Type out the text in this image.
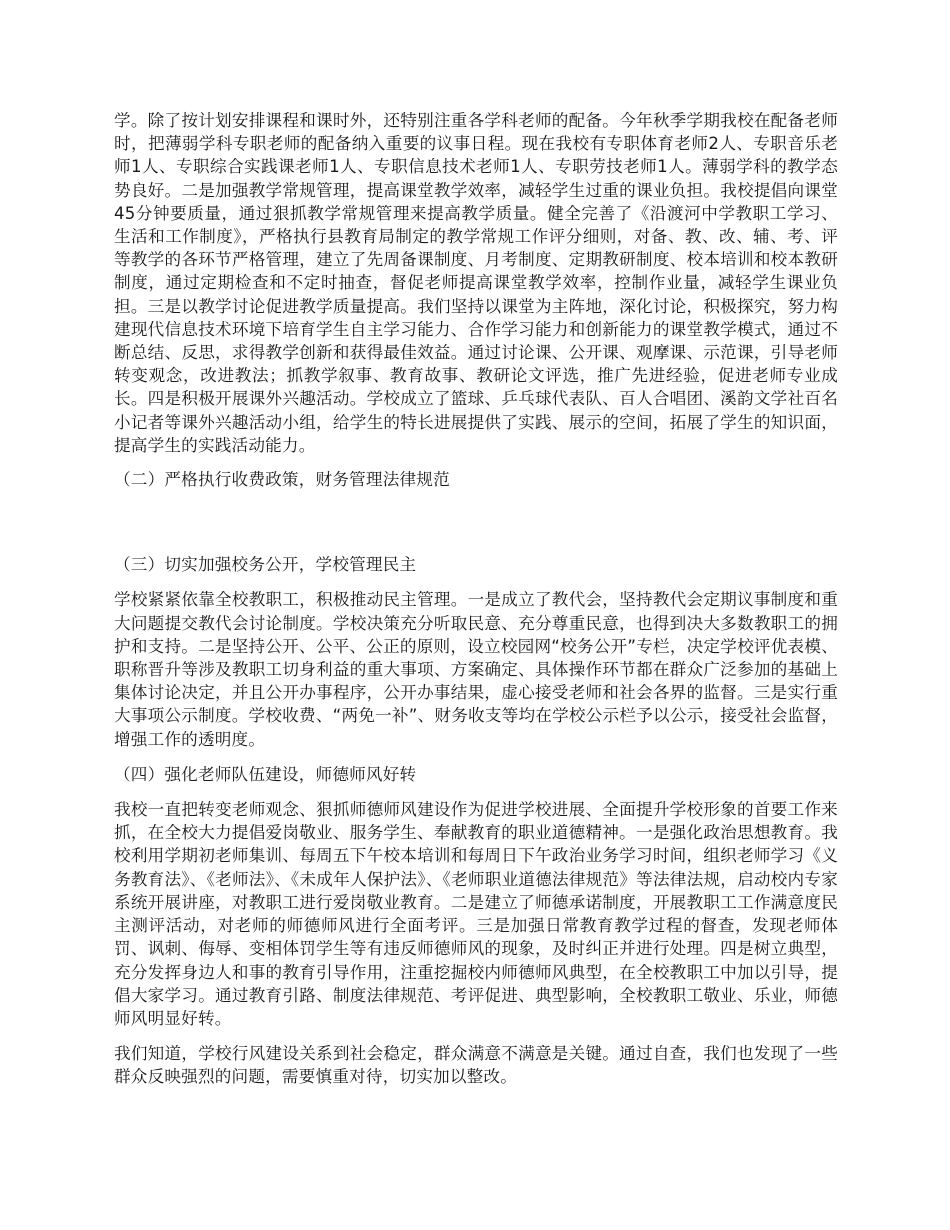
学。除了按计划安排课程和课时外，还特别注重各学科老师的配备。今年秋季学期我校在配备老师时，把薄弱学科专职老师的配备纳入重要的议事日程。现在我校有专职体育老师2人、专职音乐老师1人、专职综合实践课老师1人、专职信息技术老师1人、专职劳技老师1人。薄弱学科的教学态势良好。二是加强教学常规管理，提高课堂教学效率，减轻学生过重的课业负担。我校提倡向课堂45分钟要质量，通过狠抓教学常规管理来提高教学质量。健全完善了《沿渡河中学教职工学习、生活和工作制度》，严格执行县教育局制定的教学常规工作评分细则，对备、教、改、辅、考、评等教学的各环节严格管理，建立了先周备课制度、月考制度、定期教研制度、校本培训和校本教研制度，通过定期检查和不定时抽查，督促老师提高课堂教学效率，控制作业量，减轻学生课业负担。三是以教学讨论促进教学质量提高。我们坚持以课堂为主阵地，深化讨论，积极探究，努力构建现代信息技术环境下培育学生自主学习能力、合作学习能力和创新能力的课堂教学模式，通过不断总结、反思，求得教学创新和获得最佳效益。通过讨论课、公开课、观摩课、示范课，引导老师转变观念，改进教法；抓教学叙事、教育故事、教研论文评选，推广先进经验，促进老师专业成长。四是积极开展课外兴趣活动。学校成立了篮球、乒乓球代表队、百人合唱团、溪韵文学社百名小记者等课外兴趣活动小组，给学生的特长进展提供了实践、展示的空间，拓展了学生的知识面，提高学生的实践活动能力。

（二）严格执行收费政策，财务管理法律规范

（三）切实加强校务公开，学校管理民主

学校紧紧依靠全校教职工，积极推动民主管理。一是成立了教代会，坚持教代会定期议事制度和重大问题提交教代会讨论制度。学校决策充分听取民意、充分尊重民意，也得到决大多数教职工的拥护和支持。二是坚持公开、公平、公正的原则，设立校园网“校务公开”专栏，决定学校评优表模、职称晋升等涉及教职工切身利益的重大事项、方案确定、具体操作环节都在群众广泛参加的基础上集体讨论决定，并且公开办事程序，公开办事结果，虚心接受老师和社会各界的监督。三是实行重大事项公示制度。学校收费、“两免一补”、财务收支等均在学校公示栏予以公示，接受社会监督，增强工作的透明度。

（四）强化老师队伍建设，师德师风好转

我校一直把转变老师观念、狠抓师德师风建设作为促进学校进展、全面提升学校形象的首要工作来抓，在全校大力提倡爱岗敬业、服务学生、奉献教育的职业道德精神。一是强化政治思想教育。我校利用学期初老师集训、每周五下午校本培训和每周日下午政治业务学习时间，组织老师学习《义务教育法》、《老师法》、《未成年人保护法》、《老师职业道德法律规范》等法律法规，启动校内专家系统开展讲座，对教职工进行爱岗敬业教育。二是建立了师德承诺制度，开展教职工工作满意度民主测评活动，对老师的师德师风进行全面考评。三是加强日常教育教学过程的督查，发现老师体罚、讽刺、侮辱、变相体罚学生等有违反师德师风的现象，及时纠正并进行处理。四是树立典型，充分发挥身边人和事的教育引导作用，注重挖掘校内师德师风典型，在全校教职工中加以引导，提倡大家学习。通过教育引路、制度法律规范、考评促进、典型影响，全校教职工敬业、乐业，师德师风明显好转。

我们知道，学校行风建设关系到社会稳定，群众满意不满意是关键。通过自查，我们也发现了一些群众反映强烈的问题，需要慎重对待，切实加以整改。
